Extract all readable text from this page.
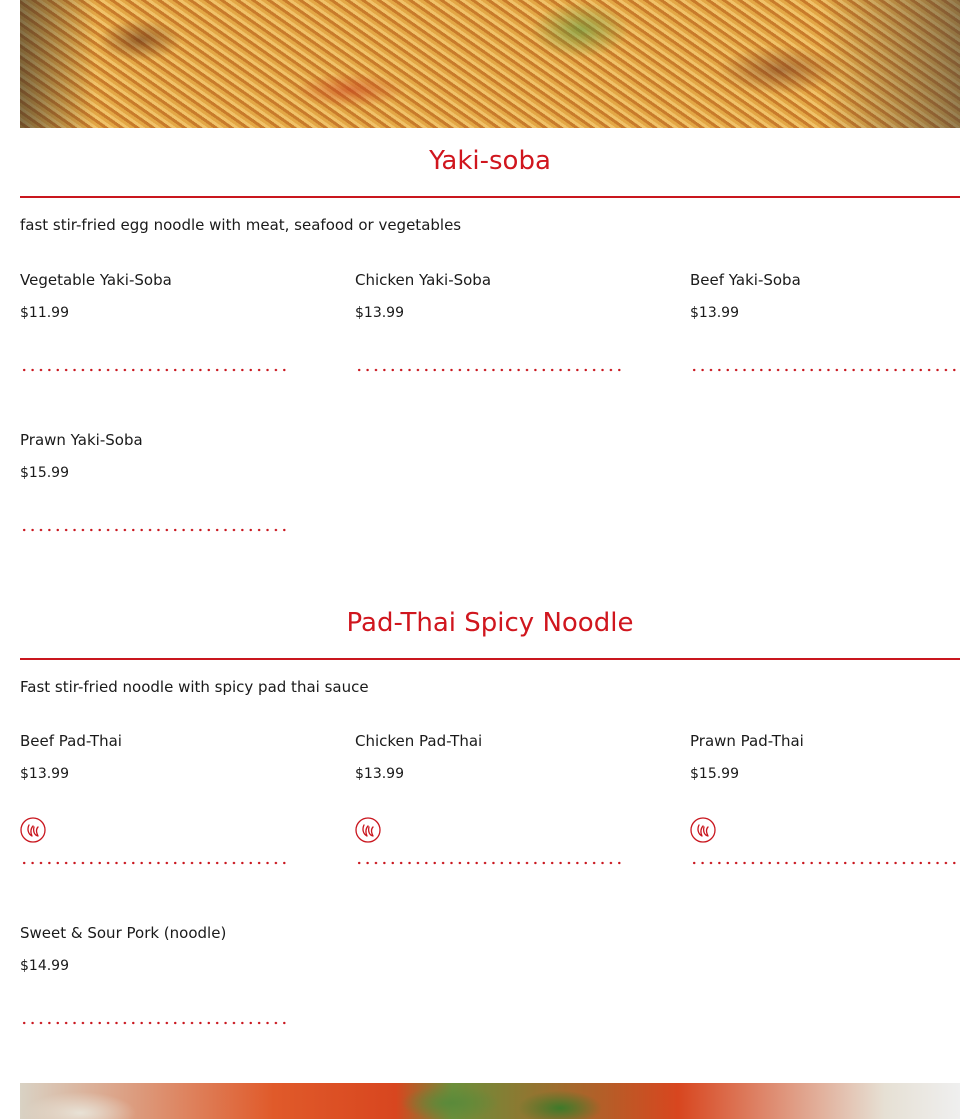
Yaki-soba

fast stir-fried egg noodle with meat, seafood or vegetables

Vegetable Yaki-Soba
$11.99
Chicken Yaki-Soba
$13.99
Beef Yaki-Soba
$13.99
Prawn Yaki-Soba
$15.99
Pad-Thai Spicy Noodle

Fast stir-fried noodle with spicy pad thai sauce

Beef Pad-Thai
$13.99
Chicken Pad-Thai
$13.99
Prawn Pad-Thai
$15.99
Sweet & Sour Pork (noodle)
$14.99
